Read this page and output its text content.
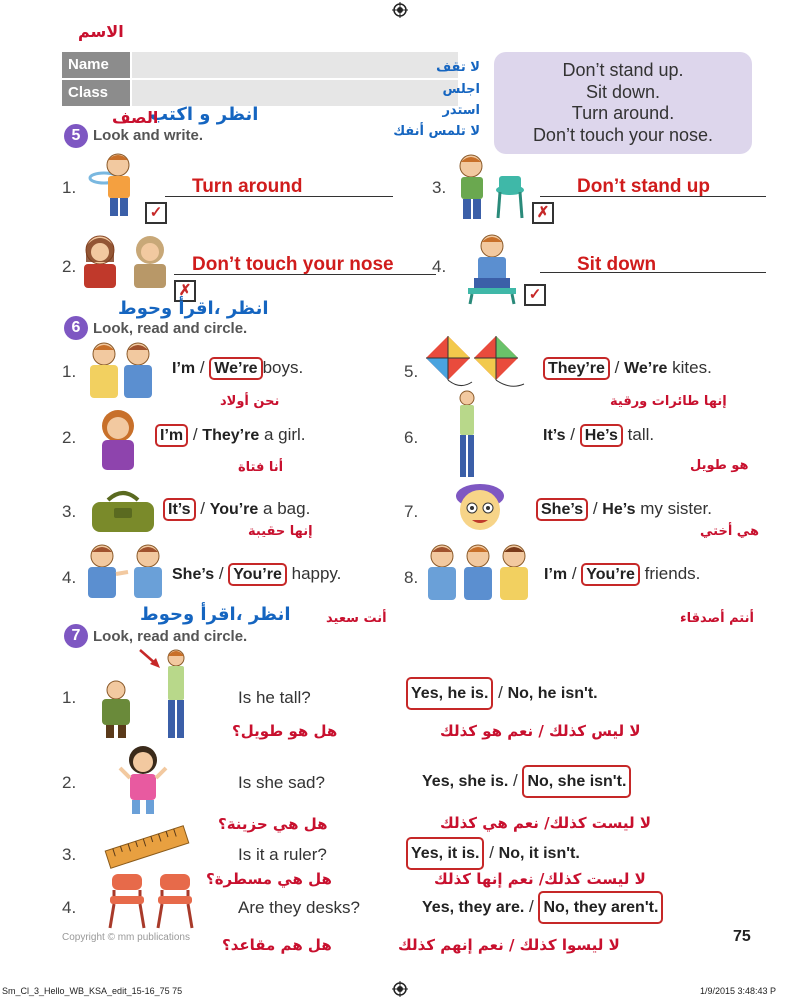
الاسم
Name
Class
لا تقف
اجلس
استدر
لا تلمس أنفك
Don’t stand up.
Sit down.
Turn around.
Don’t touch your nose.
انظر و اكتب
الصف
5 Look and write.
1.
✓
Turn around	3.
✗
Don’t stand up
2.
✗
Don’t touch your nose 4.
✓
Sit down
انظر ،اقرأ وحوط
6 Look, read and circle.
1.	I’m / We’re boys.
نحن أولاد
5.	They’re / We’re kites.
إنها طائرات ورقية
2.	I’m / They’re a girl.
أنا فتاة
6.	It’s / He’s tall.
هو طويل
3.	It’s / You’re a bag.
إنها حقيبة
7.	She’s / He’s my sister.
هي أختي
4.	She’s / You’re happy.
أنت سعيد
8.	I’m / You’re friends.
أنتم أصدقاء
انظر ،اقرأ وحوط
7 Look, read and circle.
1.	Is he tall?	Yes, he is. / No, he isn't.
هل هو طويل؟	لا ليس كذلك / نعم هو كذلك
2.	Is she sad?	Yes, she is. / No, she isn't.
هل هي حزينة؟	لا ليست كذلك/ نعم هي كذلك
3.	Is it a ruler?	Yes, it is. / No, it isn't.
هل هي مسطرة؟	لا ليست كذلك/ نعم إنها كذلك
4.	Are they desks?	Yes, they are. / No, they aren't.
هل هم مقاعد؟	لا ليسوا كذلك / نعم إنهم كذلك
Copyright © mm publications	75
Sm_Cl_3_Hello_WB_KSA_edit_15-16_75 75	1/9/2015 3:48:43 P
